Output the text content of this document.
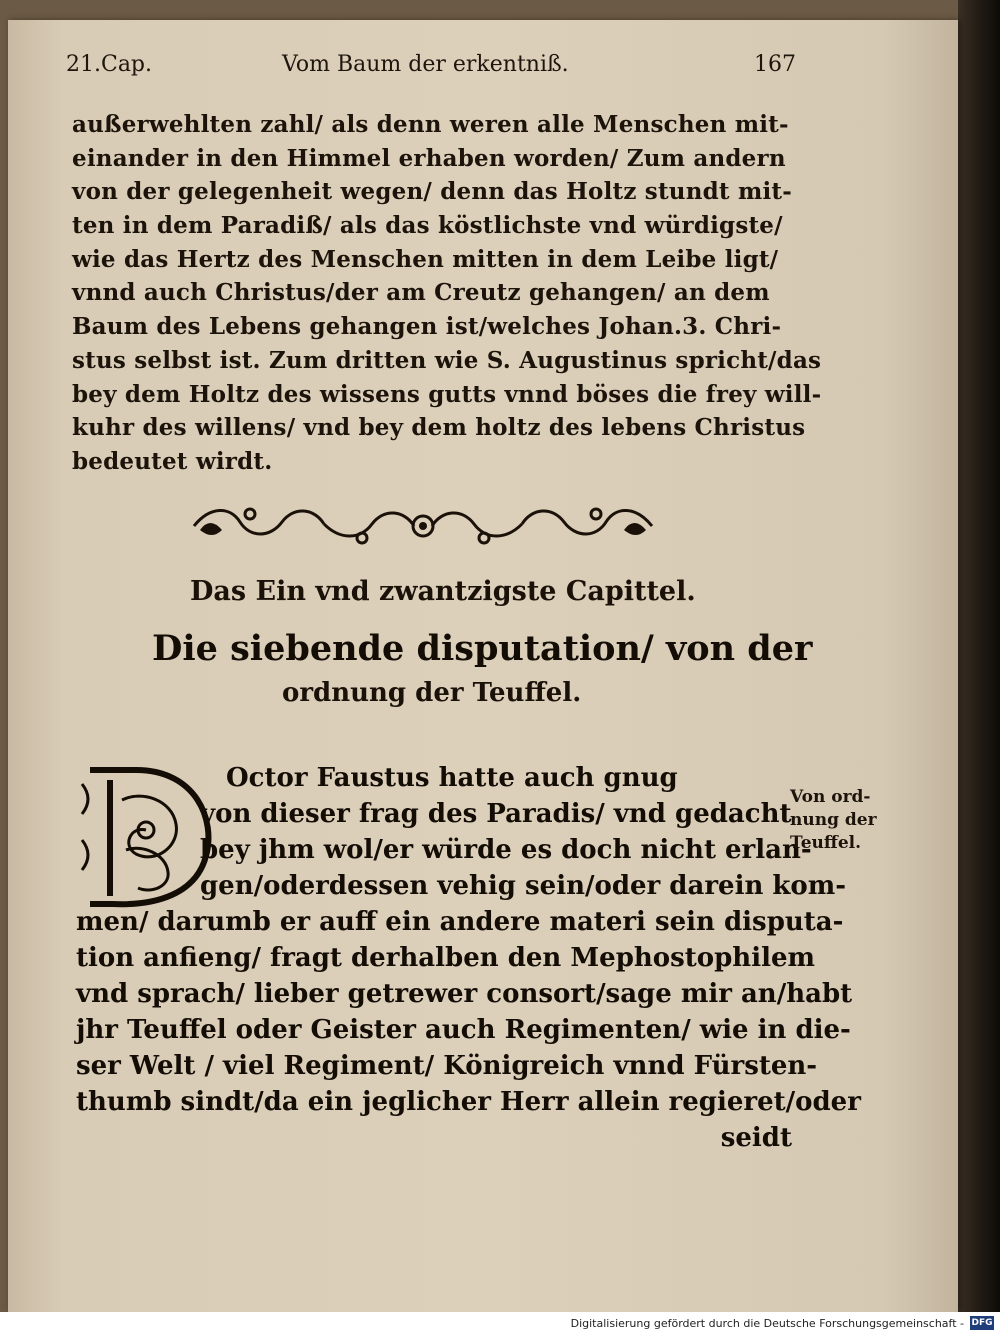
21.Cap.	Vom Baum der erkentniß.	167
außerwehlten zahl/ als denn weren alle Menschen mit-
einander in den Himmel erhaben worden/ Zum andern
von der gelegenheit wegen/ denn das Holtz stundt mit-
ten in dem Paradiß/ als das köstlichste vnd würdigste/
wie das Hertz des Menschen mitten in dem Leibe ligt/
vnnd auch Christus/der am Creutz gehangen/ an dem
Baum des Lebens gehangen ist/welches Johan.3. Chri-
stus selbst ist. Zum dritten wie S. Augustinus spricht/das
bey dem Holtz des wissens gutts vnnd böses die frey will-
kuhr des willens/ vnd bey dem holtz des lebens Christus
bedeutet wirdt.
Das Ein vnd zwantzigste Capittel.
Die siebende disputation/ von der
ordnung der Teuffel.
Octor Faustus hatte auch gnug
von dieser frag des Paradis/ vnd gedacht
bey jhm wol/er würde es doch nicht erlan-
gen/oderdessen vehig sein/oder darein kom-
men/ darumb er auff ein andere materi sein disputa-
tion anfieng/ fragt derhalben den Mephostophilem
vnd sprach/ lieber getrewer consort/sage mir an/habt
jhr Teuffel oder Geister auch Regimenten/ wie in die-
ser Welt / viel Regiment/ Königreich vnnd Fürsten-
thumb sindt/da ein jeglicher Herr allein regieret/oder
seidt
Von ord-
nung der
Teuffel.
Digitalisierung gefördert durch die Deutsche Forschungsgemeinschaft - DFG
